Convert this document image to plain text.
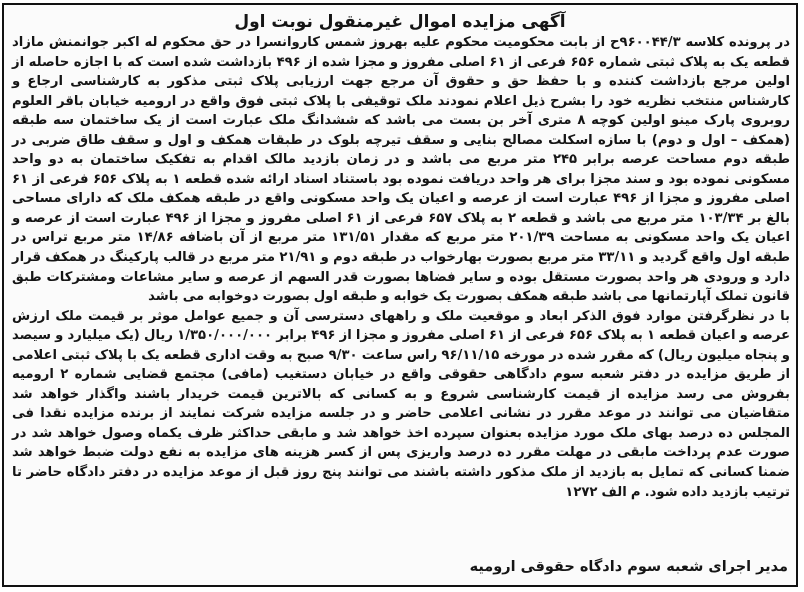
آگهی مزایده اموال غیرمنقول نوبت اول

در پرونده کلاسه ۹۶۰۰۴۴/۳ح از بابت محکومیت محکوم علیه بهروز شمس کاروانسرا در حق محکوم له اکبر جوانمنش مازاد قطعه یک به پلاک ثبتی شماره ۶۵۶ فرعی از ۶۱ اصلی مفروز و مجزا شده از ۴۹۶ بازداشت شده است که با اجازه حاصله از اولین مرجع بازداشت کننده و با حفظ حق و حقوق آن مرجع جهت ارزیابی پلاک ثبتی مذکور به کارشناسی ارجاع و کارشناس منتخب نظریه خود را بشرح ذیل اعلام نمودند ملک توقیفی با پلاک ثبتی فوق واقع در ارومیه خیابان باقر العلوم روبروی پارک مینو اولین کوچه ۸ متری آخر بن بست می باشد که ششدانگ ملک عبارت است از یک ساختمان سه طبقه (همکف – اول و دوم) با سازه اسکلت مصالح بنایی و سقف تیرچه بلوک در طبقات همکف و اول و سقف طاق ضربی در طبقه دوم مساحت عرصه برابر ۲۴۵ متر مربع می باشد و در زمان بازدید مالک اقدام به تفکیک ساختمان به دو واحد مسکونی نموده بود و سند مجزا برای هر واحد دریافت نموده بود باستناد اسناد ارائه شده قطعه ۱ به پلاک ۶۵۶ فرعی از ۶۱ اصلی مفروز و مجزا از ۴۹۶ عبارت است از عرصه و اعیان یک واحد مسکونی واقع در طبقه همکف ملک که دارای مساحی بالغ بر ۱۰۳/۳۴ متر مربع می باشد و قطعه ۲ به پلاک ۶۵۷ فرعی از ۶۱ اصلی مفروز و مجزا از ۴۹۶ عبارت است از عرصه و اعیان یک واحد مسکونی به مساحت ۲۰۱/۳۹ متر مربع که مقدار ۱۳۱/۵۱ متر مربع از آن باضافه ۱۴/۸۶ متر مربع تراس در طبقه اول واقع گردید و ۳۳/۱۱ متر مربع بصورت بهارخواب در طبقه دوم و ۲۱/۹۱ متر مربع در قالب پارکینگ در همکف قرار دارد و ورودی هر واحد بصورت مستقل بوده و سایر فضاها بصورت قدر السهم از عرصه و سایر مشاعات ومشترکات طبق قانون تملک آپارتمانها می باشد طبقه همکف بصورت یک خوابه و طبقه اول بصورت دوخوابه می باشد

با در نظرگرفتن موارد فوق الذکر ابعاد و موقعیت ملک و راههای دسترسی آن و جمیع عوامل موثر بر قیمت ملک ارزش عرصه و اعیان قطعه ۱ به پلاک ۶۵۶ فرعی از ۶۱ اصلی مفروز و مجزا از ۴۹۶ برابر ۱/۳۵۰/۰۰۰/۰۰۰ ریال (یک میلیارد و سیصد و پنجاه میلیون ریال) که مقرر شده در مورخه ۹۶/۱۱/۱۵ راس ساعت ۹/۳۰ صبح به وقت اداری قطعه یک با پلاک ثبتی اعلامی از طریق مزایده در دفتر شعبه سوم دادگاهی حقوقی واقع در خیابان دستغیب (مافی) مجتمع قضایی شماره ۲ ارومیه بفروش می رسد مزایده از قیمت کارشناسی شروع و به کسانی که بالاترین قیمت خریدار باشند واگذار خواهد شد متقاضیان می توانند در موعد مقرر در نشانی اعلامی حاضر و در جلسه مزایده شرکت نمایند از برنده مزایده نقدا فی المجلس ده درصد بهای ملک مورد مزایده بعنوان سپرده اخذ خواهد شد و مابقی حداکثر ظرف یکماه وصول خواهد شد در صورت عدم پرداخت مابقی در مهلت مقرر ده درصد واریزی پس از کسر هزینه های مزایده به نفع دولت ضبط خواهد شد ضمنا کسانی که تمایل به بازدید از ملک مذکور داشته باشند می توانند پنج روز قبل از موعد مزایده در دفتر دادگاه حاضر تا ترتیب بازدید داده شود. م الف ۱۲۷۲

مدیر اجرای شعبه سوم دادگاه حقوقی ارومیه
